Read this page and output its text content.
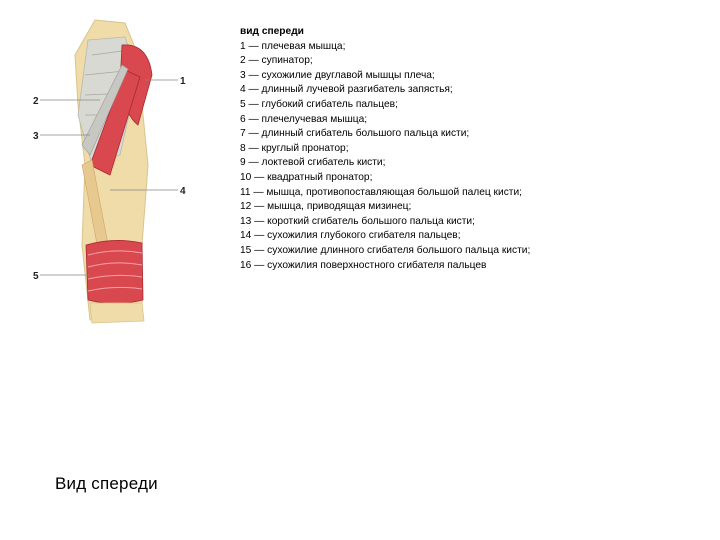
1
2
3
4
5
вид спереди
1 — плечевая мышца;
2 — супинатор;
3 — сухожилие двуглавой мышцы плеча;
4 — длинный лучевой разгибатель запястья;
5 — глубокий сгибатель пальцев;
6 — плечелучевая мышца;
7 — длинный сгибатель большого пальца кисти;
8 — круглый пронатор;
9 — локтевой сгибатель кисти;
10 — квадратный пронатор;
11 — мышца, противопоставляющая большой палец кисти;
12 — мышца, приводящая мизинец;
13 — короткий сгибатель большого пальца кисти;
14 — сухожилия глубокого сгибателя пальцев;
15 — сухожилие длинного сгибателя большого пальца кисти;
16 — сухожилия поверхностного сгибателя пальцев
Вид спереди
